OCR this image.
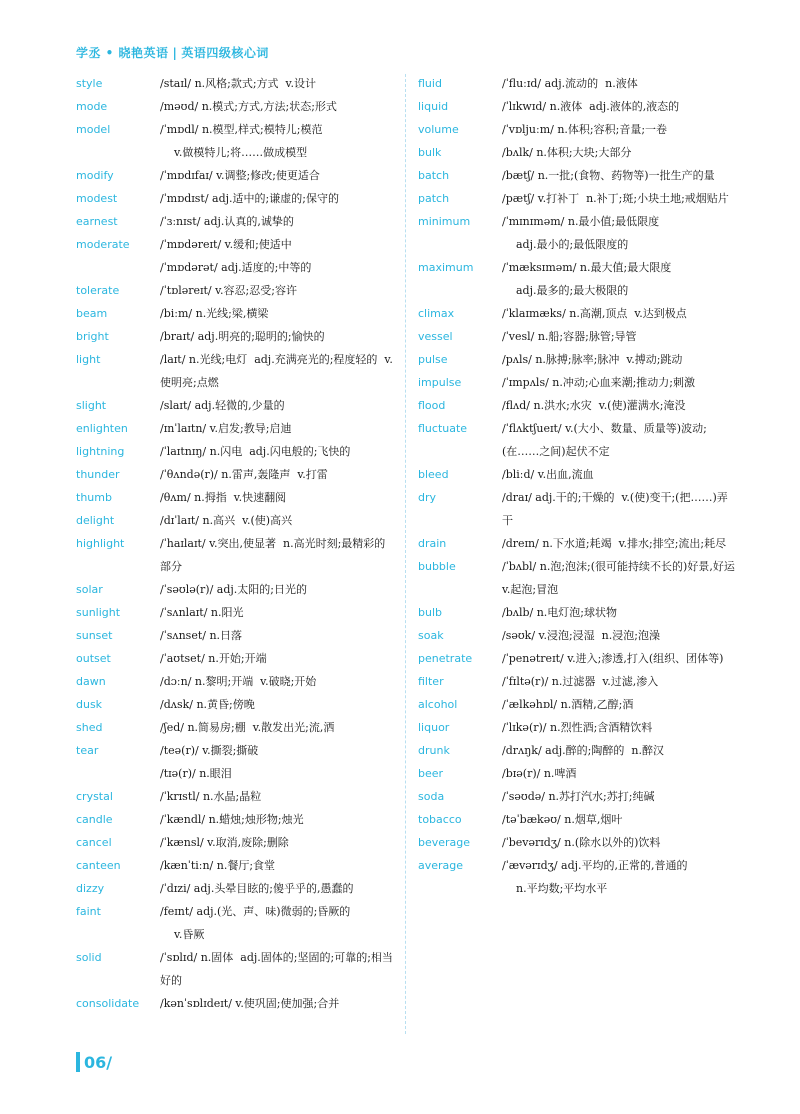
学丞 • 晓艳英语 | 英语四级核心词
style	/staɪl/ n.风格;款式;方式  v.设计
mode	/məʊd/ n.模式;方式,方法;状态;形式
model	/ˈmɒdl/ n.模型,样式;模特儿;模范
v.做模特儿;将……做成模型
modify	/ˈmɒdɪfaɪ/ v.调整;修改;使更适合
modest	/ˈmɒdɪst/ adj.适中的;谦虚的;保守的
earnest	/ˈɜːnɪst/ adj.认真的,诚挚的
moderate	/ˈmɒdəreɪt/ v.缓和;使适中
/ˈmɒdərət/ adj.适度的;中等的
tolerate	/ˈtɒləreɪt/ v.容忍;忍受;容许
beam	/biːm/ n.光线;梁,横梁
bright	/braɪt/ adj.明亮的;聪明的;愉快的
light	/laɪt/ n.光线;电灯  adj.充满亮光的;程度轻的  v.使明亮;点燃
slight	/slaɪt/ adj.轻微的,少量的
enlighten	/ɪnˈlaɪtn/ v.启发;教导;启迪
lightning	/ˈlaɪtnɪŋ/ n.闪电  adj.闪电般的;飞快的
thunder	/ˈθʌndə(r)/ n.雷声,轰隆声  v.打雷
thumb	/θʌm/ n.拇指  v.快速翻阅
delight	/dɪˈlaɪt/ n.高兴  v.(使)高兴
highlight	/ˈhaɪlaɪt/ v.突出,使显著  n.高光时刻;最精彩的部分
solar	/ˈsəʊlə(r)/ adj.太阳的;日光的
sunlight	/ˈsʌnlaɪt/ n.阳光
sunset	/ˈsʌnset/ n.日落
outset	/ˈaʊtset/ n.开始;开端
dawn	/dɔːn/ n.黎明;开端  v.破晓;开始
dusk	/dʌsk/ n.黄昏;傍晚
shed	/ʃed/ n.简易房;棚  v.散发出光;流,洒
tear	/teə(r)/ v.撕裂;撕破
/tɪə(r)/ n.眼泪
crystal	/ˈkrɪstl/ n.水晶;晶粒
candle	/ˈkændl/ n.蜡烛;烛形物;烛光
cancel	/ˈkænsl/ v.取消,废除;删除
canteen	/kænˈtiːn/ n.餐厅;食堂
dizzy	/ˈdɪzi/ adj.头晕目眩的;傻乎乎的,愚蠢的
faint	/feɪnt/ adj.(光、声、味)微弱的;昏厥的
v.昏厥
solid	/ˈsɒlɪd/ n.固体  adj.固体的;坚固的;可靠的;相当好的
consolidate /kənˈsɒlɪdeɪt/ v.使巩固;使加强;合并
fluid	/ˈfluːɪd/ adj.流动的  n.液体
liquid	/ˈlɪkwɪd/ n.液体  adj.液体的,液态的
volume	/ˈvɒljuːm/ n.体积;容积;音量;一卷
bulk	/bʌlk/ n.体积;大块;大部分
batch	/bætʃ/ n.一批;(食物、药物等)一批生产的量
patch	/pætʃ/ v.打补丁  n.补丁;斑;小块土地;戒烟贴片
minimum	/ˈmɪnɪməm/ n.最小值;最低限度
adj.最小的;最低限度的
maximum	/ˈmæksɪməm/ n.最大值;最大限度
adj.最多的;最大极限的
climax	/ˈklaɪmæks/ n.高潮,顶点  v.达到极点
vessel	/ˈvesl/ n.船;容器;脉管;导管
pulse	/pʌls/ n.脉搏;脉率;脉冲  v.搏动;跳动
impulse	/ˈɪmpʌls/ n.冲动;心血来潮;推动力;刺激
flood	/flʌd/ n.洪水;水灾  v.(使)灌满水;淹没
fluctuate	/ˈflʌktʃueɪt/ v.(大小、数量、质量等)波动;(在……之间)起伏不定
bleed	/bliːd/ v.出血,流血
dry	/draɪ/ adj.干的;干燥的  v.(使)变干;(把……)弄干
drain	/dreɪn/ n.下水道;耗竭  v.排水;排空;流出;耗尽
bubble	/ˈbʌbl/ n.泡;泡沫;(很可能持续不长的)好景,好运  v.起泡;冒泡
bulb	/bʌlb/ n.电灯泡;球状物
soak	/səʊk/ v.浸泡;浸湿  n.浸泡;泡澡
penetrate	/ˈpenətreɪt/ v.进入;渗透,打入(组织、团体等)
filter	/ˈfɪltə(r)/ n.过滤器  v.过滤,渗入
alcohol	/ˈælkəhɒl/ n.酒精,乙醇;酒
liquor	/ˈlɪkə(r)/ n.烈性酒;含酒精饮料
drunk	/drʌŋk/ adj.醉的;陶醉的  n.醉汉
beer	/bɪə(r)/ n.啤酒
soda	/ˈsəʊdə/ n.苏打汽水;苏打;纯碱
tobacco	/təˈbækəʊ/ n.烟草,烟叶
beverage	/ˈbevərɪdʒ/ n.(除水以外的)饮料
average	/ˈævərɪdʒ/ adj.平均的,正常的,普通的
n.平均数;平均水平
06/
